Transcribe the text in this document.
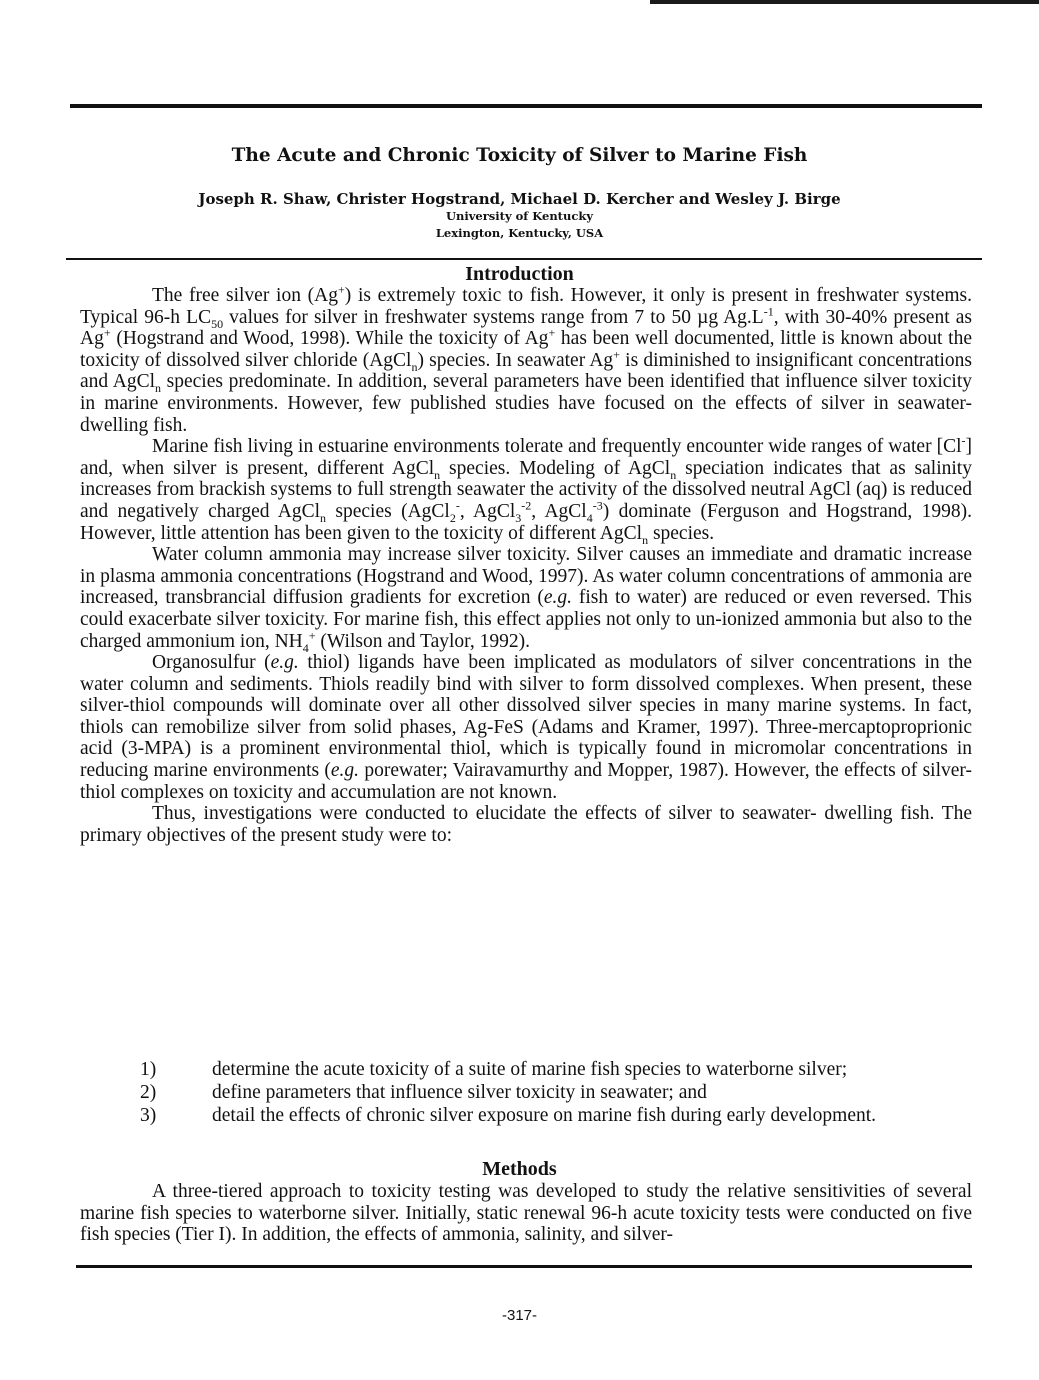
The Acute and Chronic Toxicity of Silver to Marine Fish
Joseph R. Shaw, Christer Hogstrand, Michael D. Kercher and Wesley J. Birge
University of Kentucky
Lexington, Kentucky, USA
Introduction

The free silver ion (Ag+) is extremely toxic to fish. However, it only is present in freshwater systems. Typical 96-h $LC_{50}$ values for silver in freshwater systems range from 7 to 50 µg $Ag.L^{-1}$, with 30-40% present as Ag+ (Hogstrand and Wood, 1998). While the toxicity of Ag+ has been well documented, little is known about the toxicity of dissolved silver chloride (AgCl$_n$) species. In seawater Ag+ is diminished to insignificant concentrations and AgCl$_n$ species predominate. In addition, several parameters have been identified that influence silver toxicity in marine environments. However, few published studies have focused on the effects of silver in seawater-dwelling fish.

Marine fish living in estuarine environments tolerate and frequently encounter wide ranges of water [Cl-] and, when silver is present, different AgCl$_n$ species. Modeling of AgCl$_n$ speciation indicates that as salinity increases from brackish systems to full strength seawater the activity of the dissolved neutral AgCl (aq) is reduced and negatively charged AgCl$_n$ species (AgCl$_2$-, AgCl$_3^{-2}$, AgCl$_4^{-3}$) dominate (Ferguson and Hogstrand, 1998). However, little attention has been given to the toxicity of different AgCl$_n$ species.

Water column ammonia may increase silver toxicity. Silver causes an immediate and dramatic increase in plasma ammonia concentrations (Hogstrand and Wood, 1997). As water column concentrations of ammonia are increased, transbrancial diffusion gradients for excretion (e.g. fish to water) are reduced or even reversed. This could exacerbate silver toxicity. For marine fish, this effect applies not only to un-ionized ammonia but also to the charged ammonium ion, $NH_4^+$ (Wilson and Taylor, 1992).

Organosulfur (e.g. thiol) ligands have been implicated as modulators of silver concentrations in the water column and sediments. Thiols readily bind with silver to form dissolved complexes. When present, these silver-thiol compounds will dominate over all other dissolved silver species in many marine systems. In fact, thiols can remobilize silver from solid phases, Ag-FeS (Adams and Kramer, 1997). Three-mercaptoproprionic acid (3-MPA) is a prominent environmental thiol, which is typically found in micromolar concentrations in reducing marine environments (e.g. porewater; Vairavamurthy and Mopper, 1987). However, the effects of silver-thiol complexes on toxicity and accumulation are not known.

Thus, investigations were conducted to elucidate the effects of silver to seawater- dwelling fish. The primary objectives of the present study were to:

1)	determine the acute toxicity of a suite of marine fish species to waterborne silver;
2)	define parameters that influence silver toxicity in seawater; and
3)	detail the effects of chronic silver exposure on marine fish during early development.
Methods

A three-tiered approach to toxicity testing was developed to study the relative sensitivities of several marine fish species to waterborne silver. Initially, static renewal 96-h acute toxicity tests were conducted on five fish species (Tier I). In addition, the effects of ammonia, salinity, and silver-

-317-
